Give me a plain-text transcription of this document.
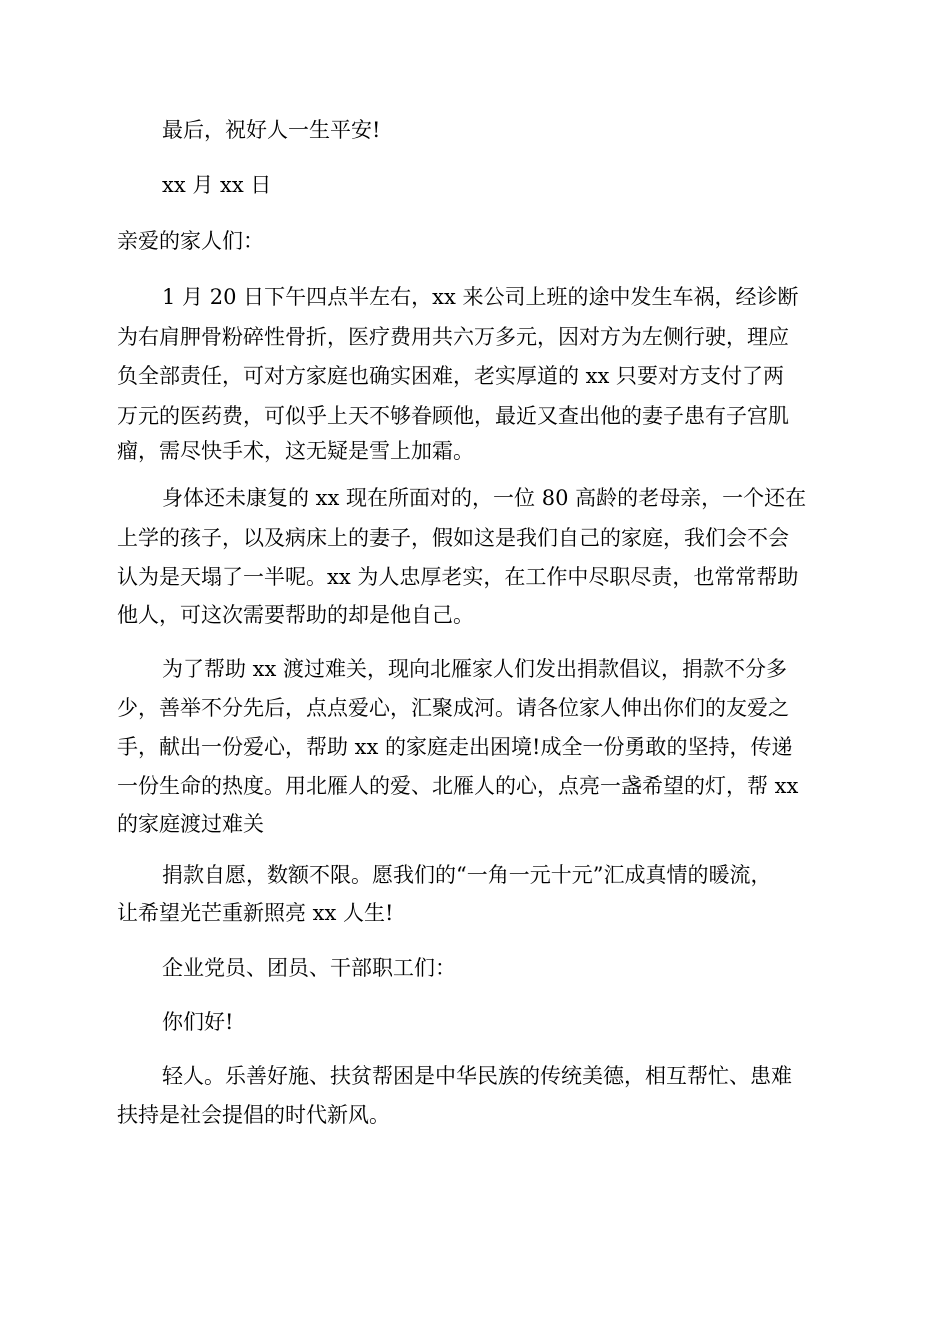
最后，祝好人一生平安!

xx 月 xx 日

亲爱的家人们：

1 月 20 日下午四点半左右，xx 来公司上班的途中发生车祸，经诊断

为右肩胛骨粉碎性骨折，医疗费用共六万多元，因对方为左侧行驶，理应

负全部责任，可对方家庭也确实困难，老实厚道的 xx 只要对方支付了两

万元的医药费，可似乎上天不够眷顾他，最近又查出他的妻子患有子宫肌

瘤，需尽快手术，这无疑是雪上加霜。

身体还未康复的 xx 现在所面对的，一位 80 高龄的老母亲，一个还在

上学的孩子，以及病床上的妻子，假如这是我们自己的家庭，我们会不会

认为是天塌了一半呢。xx 为人忠厚老实，在工作中尽职尽责，也常常帮助

他人，可这次需要帮助的却是他自己。

为了帮助 xx 渡过难关，现向北雁家人们发出捐款倡议，捐款不分多

少，善举不分先后，点点爱心，汇聚成河。请各位家人伸出你们的友爱之

手，献出一份爱心，帮助 xx 的家庭走出困境!成全一份勇敢的坚持，传递

一份生命的热度。用北雁人的爱、北雁人的心，点亮一盏希望的灯，帮 xx

的家庭渡过难关

捐款自愿，数额不限。愿我们的“一角一元十元”汇成真情的暖流，

让希望光芒重新照亮 xx 人生!

企业党员、团员、干部职工们：

你们好!

轻人。乐善好施、扶贫帮困是中华民族的传统美德，相互帮忙、患难

扶持是社会提倡的时代新风。
